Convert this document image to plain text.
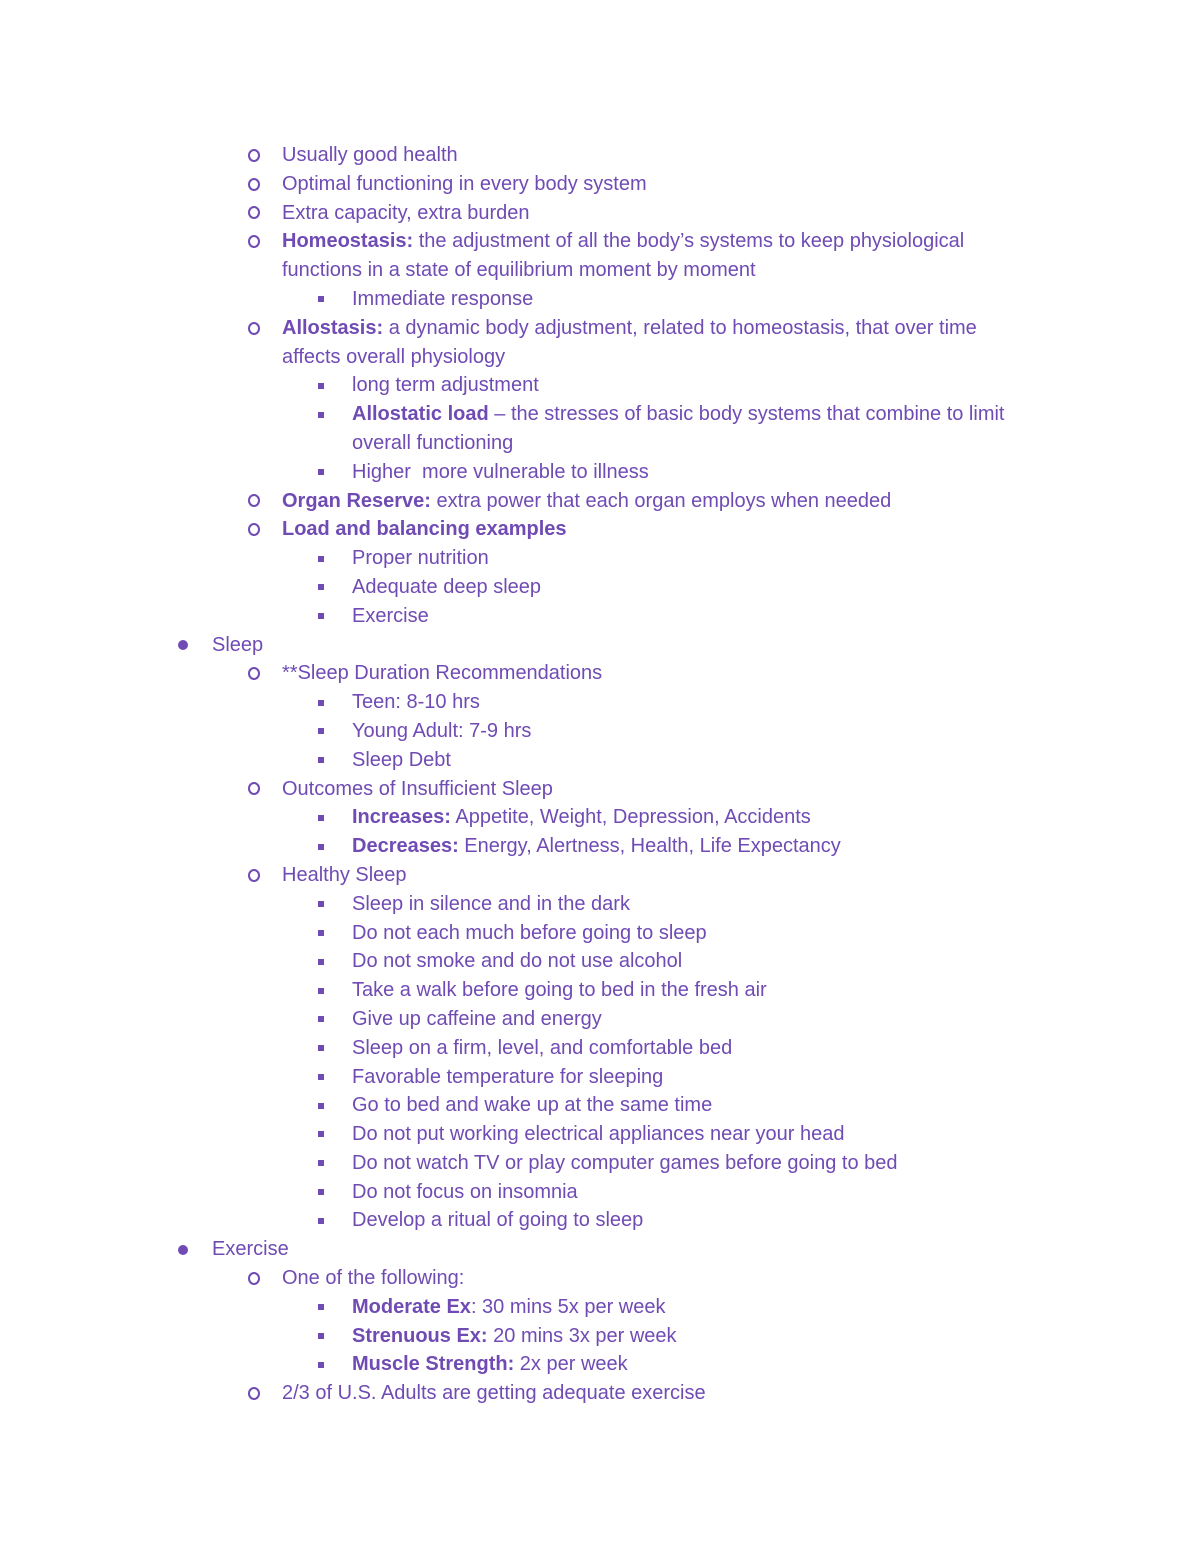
Usually good health
Optimal functioning in every body system
Extra capacity, extra burden
Homeostasis: the adjustment of all the body’s systems to keep physiological
functions in a state of equilibrium moment by moment
Immediate response
Allostasis: a dynamic body adjustment, related to homeostasis, that over time
affects overall physiology
long term adjustment
Allostatic load – the stresses of basic body systems that combine to limit
overall functioning
Higher  more vulnerable to illness
Organ Reserve: extra power that each organ employs when needed
Load and balancing examples
Proper nutrition
Adequate deep sleep
Exercise
Sleep
**Sleep Duration Recommendations
Teen: 8-10 hrs
Young Adult: 7-9 hrs
Sleep Debt
Outcomes of Insufficient Sleep
Increases: Appetite, Weight, Depression, Accidents
Decreases: Energy, Alertness, Health, Life Expectancy
Healthy Sleep
Sleep in silence and in the dark
Do not each much before going to sleep
Do not smoke and do not use alcohol
Take a walk before going to bed in the fresh air
Give up caffeine and energy
Sleep on a firm, level, and comfortable bed
Favorable temperature for sleeping
Go to bed and wake up at the same time
Do not put working electrical appliances near your head
Do not watch TV or play computer games before going to bed
Do not focus on insomnia
Develop a ritual of going to sleep
Exercise
One of the following:
Moderate Ex: 30 mins 5x per week
Strenuous Ex: 20 mins 3x per week
Muscle Strength: 2x per week
2/3 of U.S. Adults are getting adequate exercise
